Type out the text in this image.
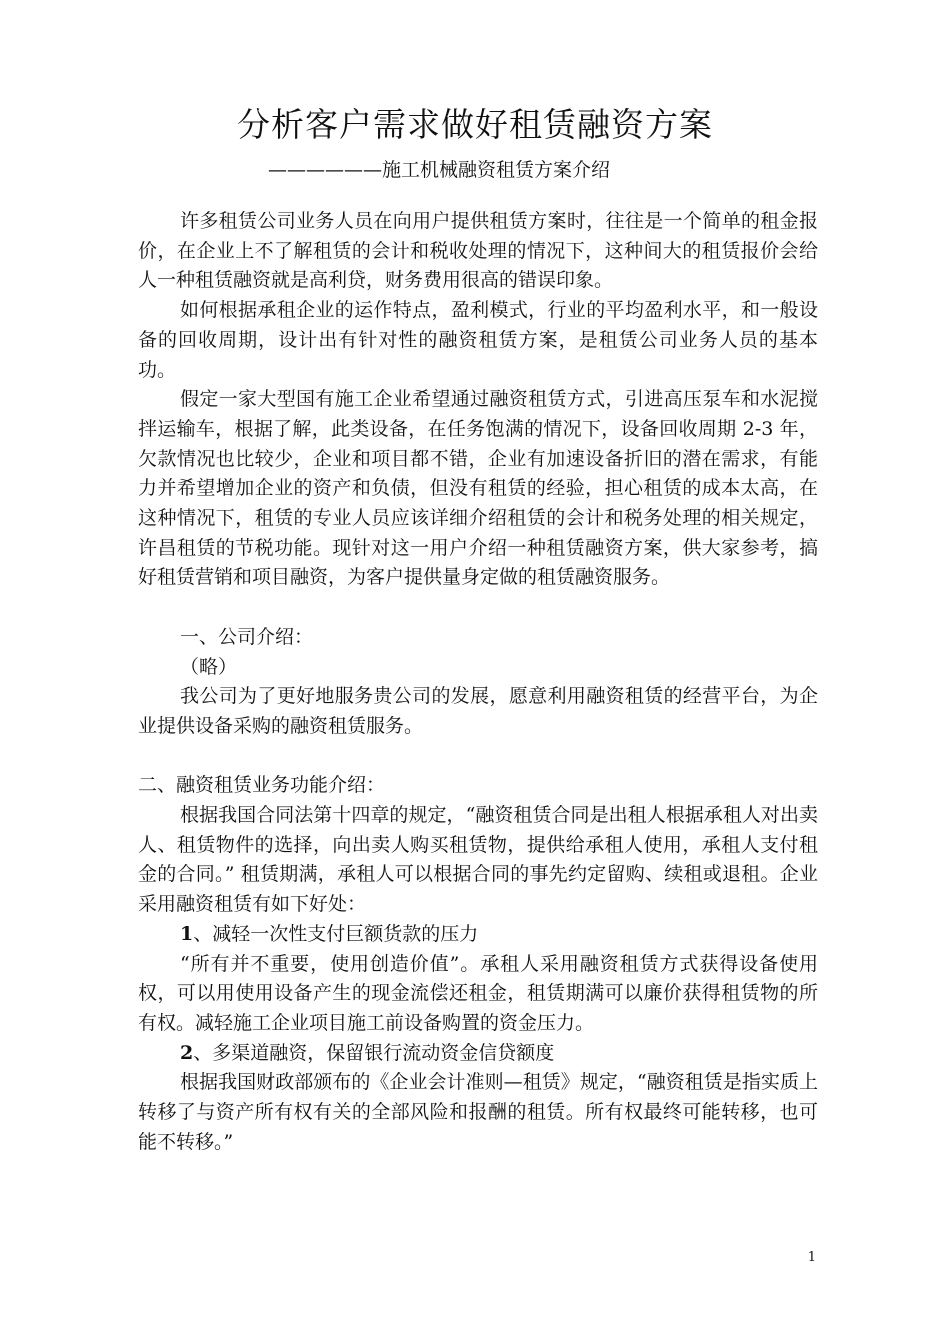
分析客户需求做好租赁融资方案

——————施工机械融资租赁方案介绍

许多租赁公司业务人员在向用户提供租赁方案时，往往是一个简单的租金报价，在企业上不了解租赁的会计和税收处理的情况下，这种间大的租赁报价会给人一种租赁融资就是高利贷，财务费用很高的错误印象。

如何根据承租企业的运作特点，盈利模式，行业的平均盈利水平，和一般设备的回收周期，设计出有针对性的融资租赁方案，是租赁公司业务人员的基本功。

假定一家大型国有施工企业希望通过融资租赁方式，引进高压泵车和水泥搅拌运输车，根据了解，此类设备，在任务饱满的情况下，设备回收周期 2-3 年，欠款情况也比较少，企业和项目都不错，企业有加速设备折旧的潜在需求，有能力并希望增加企业的资产和负债，但没有租赁的经验，担心租赁的成本太高，在这种情况下，租赁的专业人员应该详细介绍租赁的会计和税务处理的相关规定，许昌租赁的节税功能。现针对这一用户介绍一种租赁融资方案，供大家参考，搞好租赁营销和项目融资，为客户提供量身定做的租赁融资服务。

一、公司介绍：

（略）

我公司为了更好地服务贵公司的发展，愿意利用融资租赁的经营平台，为企业提供设备采购的融资租赁服务。

二、融资租赁业务功能介绍：

根据我国合同法第十四章的规定，“融资租赁合同是出租人根据承租人对出卖人、租赁物件的选择，向出卖人购买租赁物，提供给承租人使用，承租人支付租金的合同。” 租赁期满，承租人可以根据合同的事先约定留购、续租或退租。企业采用融资租赁有如下好处：

1、减轻一次性支付巨额货款的压力

“所有并不重要，使用创造价值”。承租人采用融资租赁方式获得设备使用权，可以用使用设备产生的现金流偿还租金，租赁期满可以廉价获得租赁物的所有权。减轻施工企业项目施工前设备购置的资金压力。

2、多渠道融资，保留银行流动资金信贷额度

根据我国财政部颁布的《企业会计准则—租赁》规定，“融资租赁是指实质上转移了与资产所有权有关的全部风险和报酬的租赁。所有权最终可能转移，也可能不转移。”

1
